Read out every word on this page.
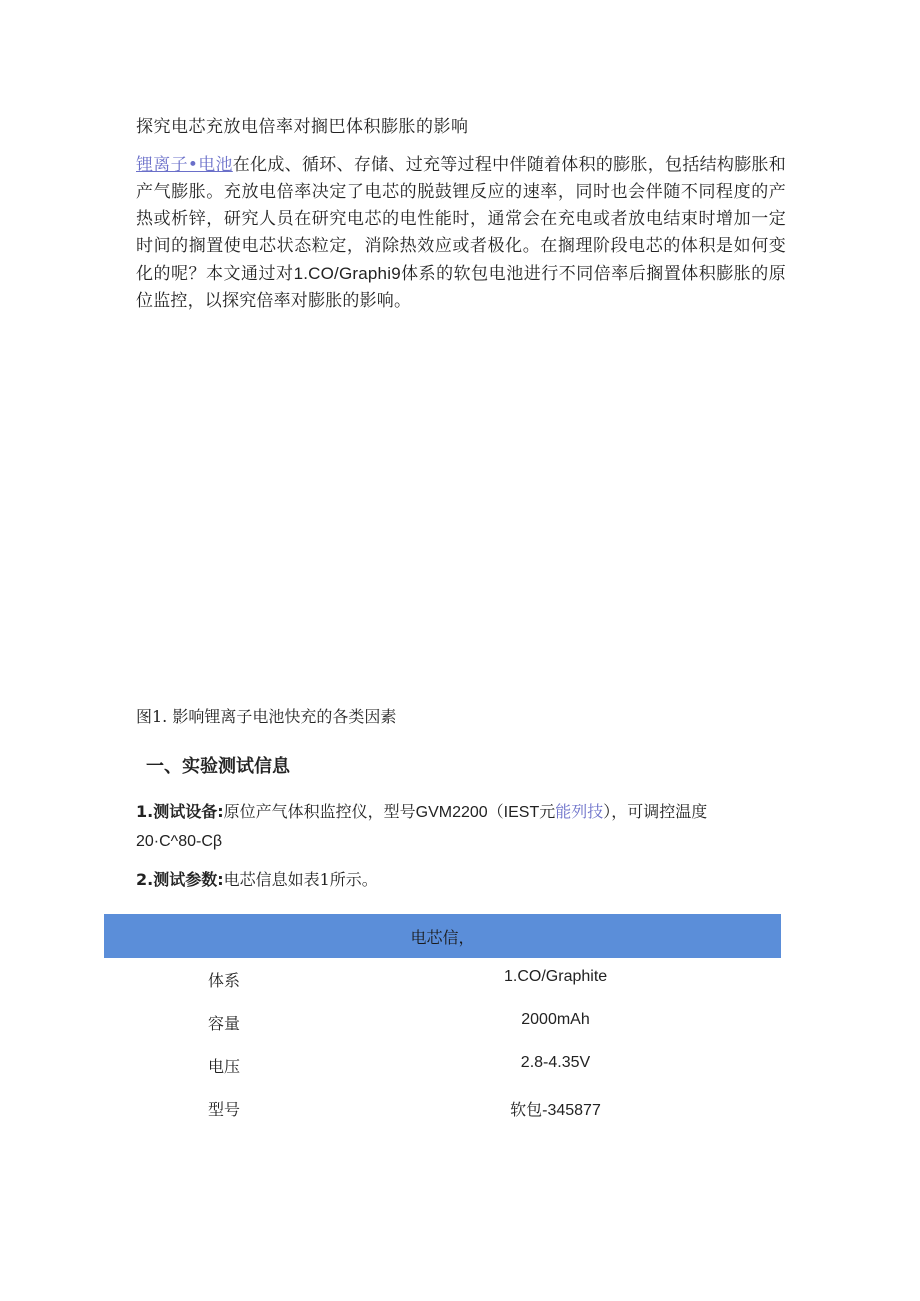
探究电芯充放电倍率对搁巴体积膨胀的影响
锂离子•电池在化成、循环、存储、过充等过程中伴随着体积的膨胀，包括结构膨胀和产气膨胀。充放电倍率决定了电芯的脱鼓锂反应的速率，同时也会伴随不同程度的产热或析锌，研究人员在研究电芯的电性能时，通常会在充电或者放电结束时增加一定时间的搁置使电芯状态粒定，消除热效应或者极化。在搁理阶段电芯的体积是如何变化的呢？本文通过对1.CO/Graphi9体系的软包电池进行不同倍率后搁置体积膨胀的原位监控，以探究倍率对膨胀的影响。
图1. 影响锂离子电池快充的各类因素
一、实验测试信息
1.测试设备:原位产气体积监控仪，型号GVM2200（IEST元能列技），可调控温度
20·C^80-Cβ
2.测试参数:电芯信息如表1所示。
电芯信，
体系	1.CO/Graphite
容量	2000mAh
电压	2.8-4.35V
型号	软包-345877
